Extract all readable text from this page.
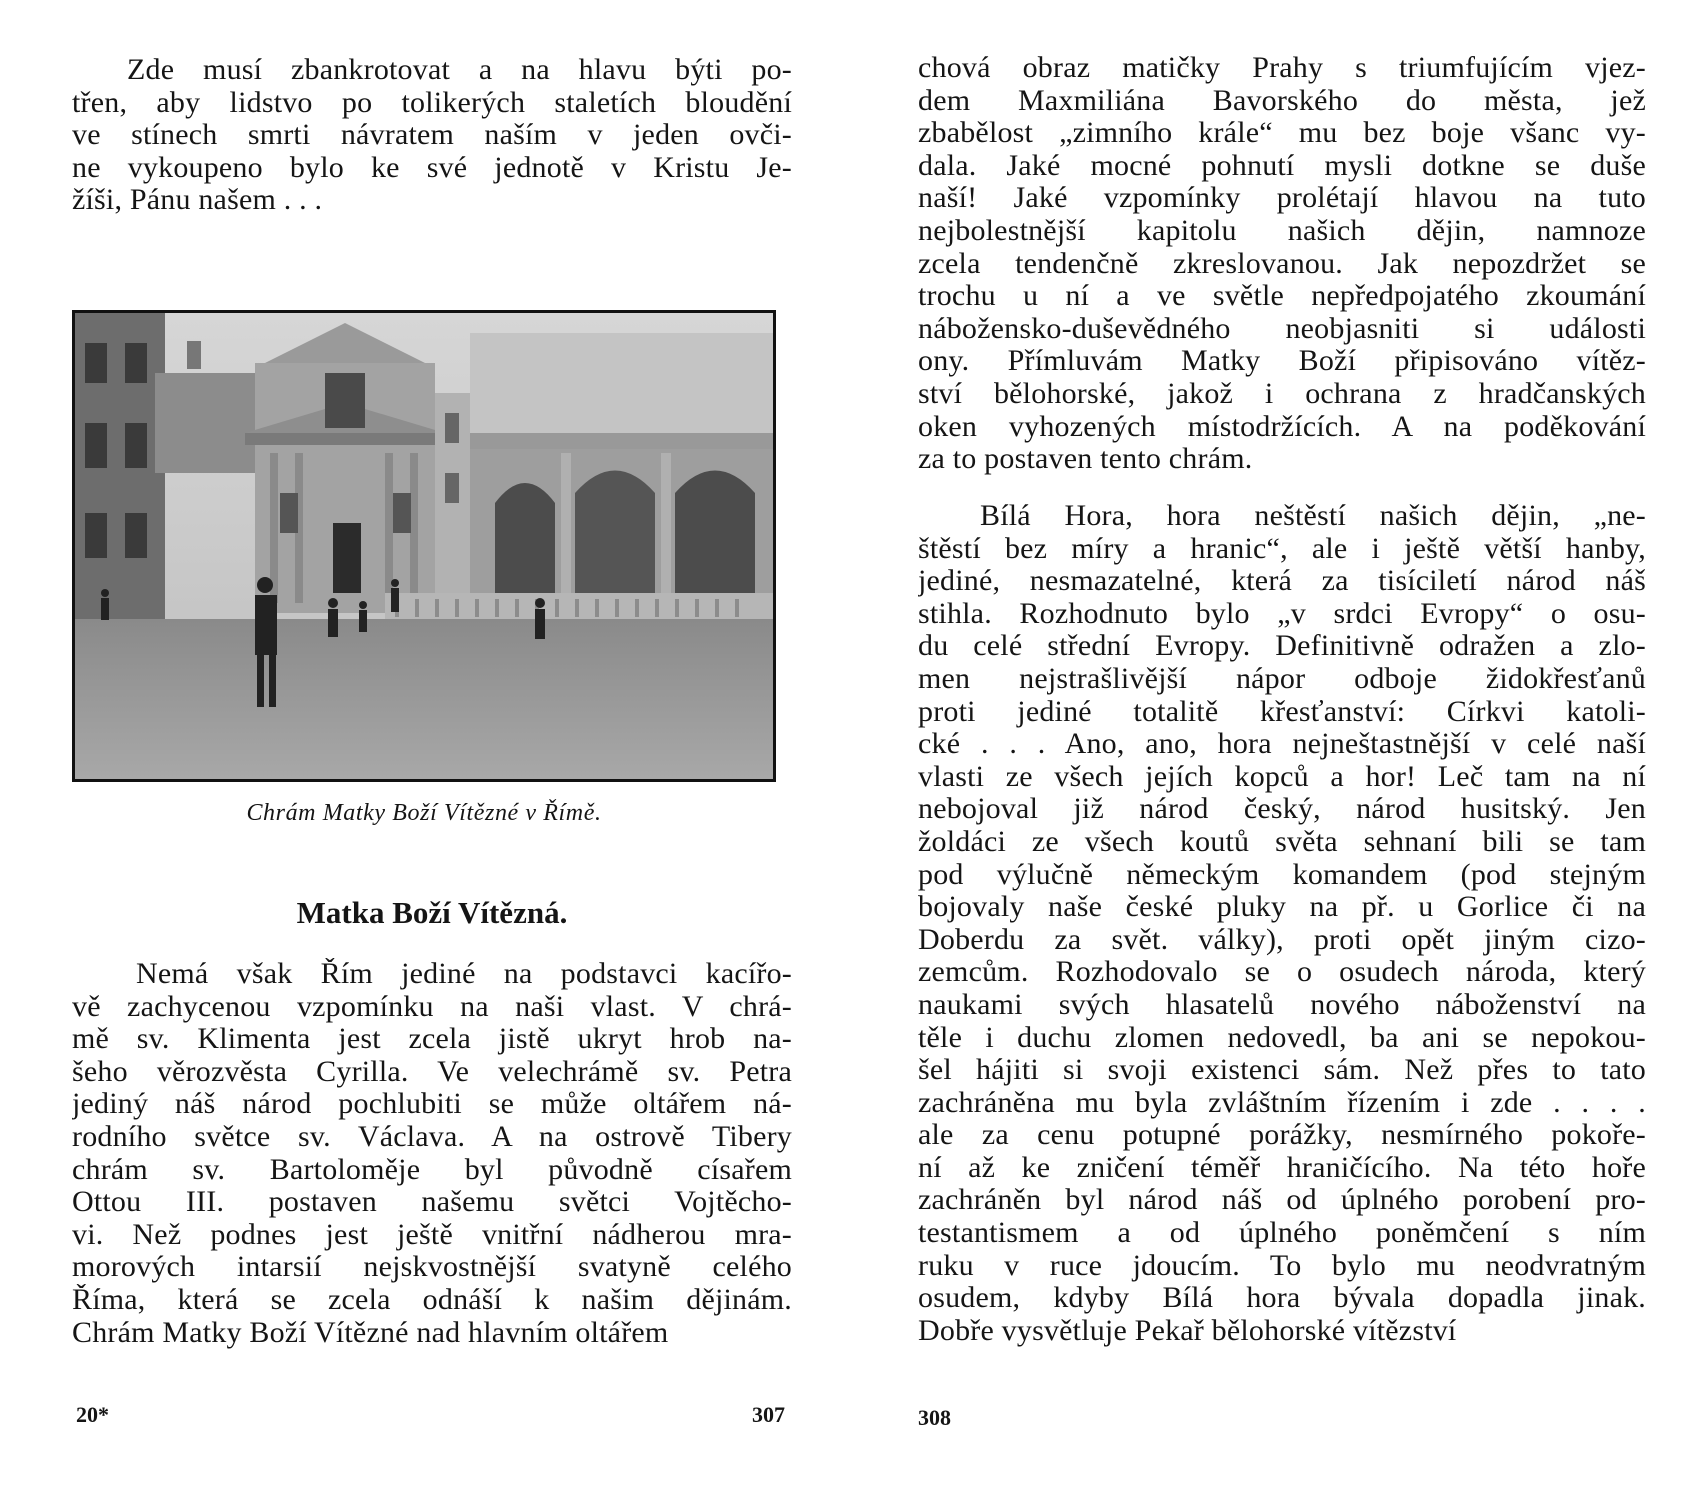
Zde musí zbankrotovat a na hlavu býti po-
třen, aby lidstvo po tolikerých staletích bloudění
ve stínech smrti návratem naším v jeden ovči-
ne vykoupeno bylo ke své jednotě v Kristu Je-
žíši, Pánu našem . . .
Chrám Matky Boží Vítězné v Římě.
Matka Boží Vítězná.
Nemá však Řím jediné na podstavci kacířo-
vě zachycenou vzpomínku na naši vlast. V chrá-
mě sv. Klimenta jest zcela jistě ukryt hrob na-
šeho věrozvěsta Cyrilla. Ve velechrámě sv. Petra
jediný náš národ pochlubiti se může oltářem ná-
rodního světce sv. Václava. A na ostrově Tibery
chrám sv. Bartoloměje byl původně císařem
Ottou III. postaven našemu světci Vojtěcho-
vi. Než podnes jest ještě vnitřní nádherou mra-
morových intarsií nejskvostnější svatyně celého
Říma, která se zcela odnáší k našim dějinám.
Chrám Matky Boží Vítězné nad hlavním oltářem
20*	307
chová obraz matičky Prahy s triumfujícím vjez-
dem Maxmiliána Bavorského do města, jež
zbabělost „zimního krále“ mu bez boje všanc vy-
dala. Jaké mocné pohnutí mysli dotkne se duše
naší! Jaké vzpomínky prolétají hlavou na tuto
nejbolestnější kapitolu našich dějin, namnoze
zcela tendenčně zkreslovanou. Jak nepozdržet se
trochu u ní a ve světle nepředpojatého zkoumání
nábožensko-duševědného neobjasniti si události
ony. Přímluvám Matky Boží připisováno vítěz-
ství bělohorské, jakož i ochrana z hradčanských
oken vyhozených místodržících. A na poděkování
za to postaven tento chrám.
Bílá Hora, hora neštěstí našich dějin, „ne-
štěstí bez míry a hranic“, ale i ještě větší hanby,
jediné, nesmazatelné, která za tisíciletí národ náš
stihla. Rozhodnuto bylo „v srdci Evropy“ o osu-
du celé střední Evropy. Definitivně odražen a zlo-
men nejstrašlivější nápor odboje židokřesťanů
proti jediné totalitě křesťanství: Církvi katoli-
cké . . . Ano, ano, hora nejneštastnější v celé naší
vlasti ze všech jejích kopců a hor! Leč tam na ní
nebojoval již národ český, národ husitský. Jen
žoldáci ze všech koutů světa sehnaní bili se tam
pod výlučně německým komandem (pod stejným
bojovaly naše české pluky na př. u Gorlice či na
Doberdu za svět. války), proti opět jiným cizo-
zemcům. Rozhodovalo se o osudech národa, který
naukami svých hlasatelů nového náboženství na
těle i duchu zlomen nedovedl, ba ani se nepokou-
šel hájiti si svoji existenci sám. Než přes to tato
zachráněna mu byla zvláštním řízením i zde . . . .
ale za cenu potupné porážky, nesmírného pokoře-
ní až ke zničení téměř hraničícího. Na této hoře
zachráněn byl národ náš od úplného porobení pro-
testantismem a od úplného poněmčení s ním
ruku v ruce jdoucím. To bylo mu neodvratným
osudem, kdyby Bílá hora bývala dopadla jinak.
Dobře vysvětluje Pekař bělohorské vítězství
308
